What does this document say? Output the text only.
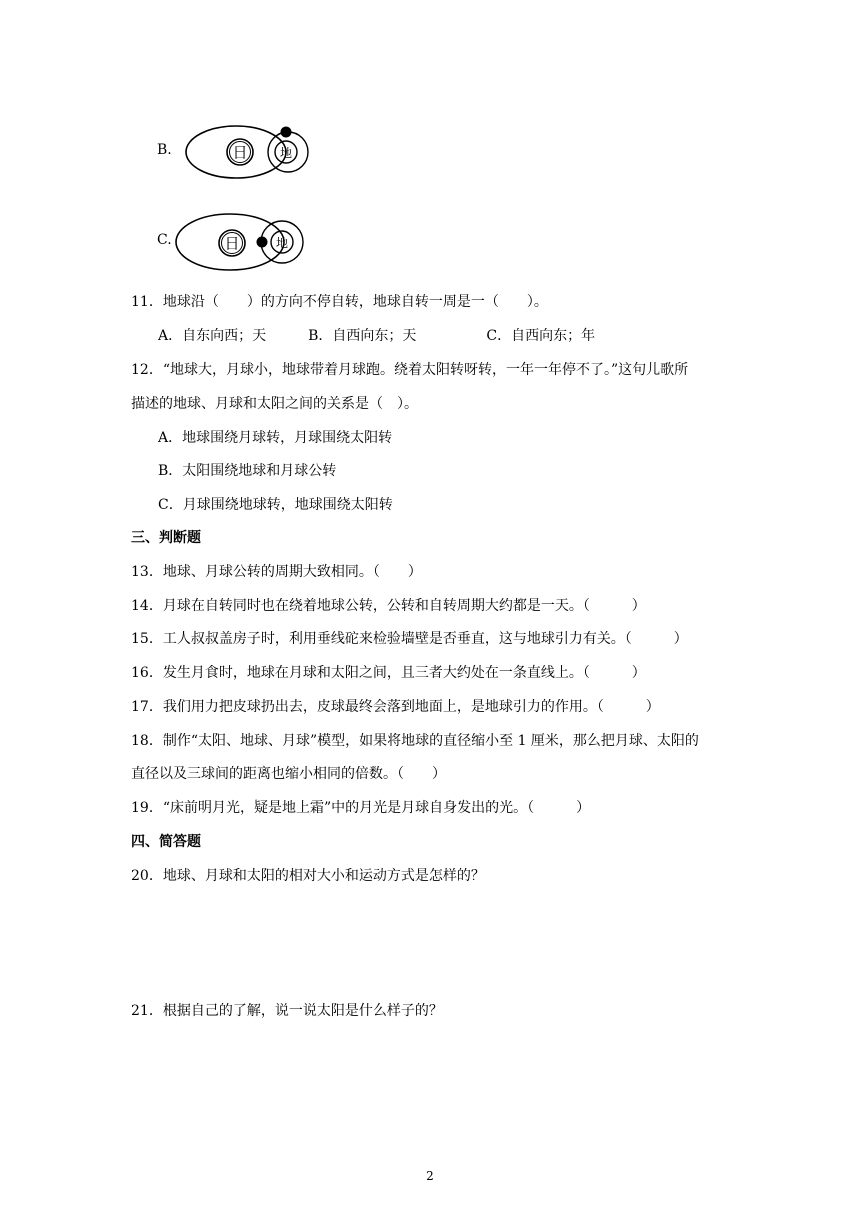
B.	日	地
C.	日	地
11．地球沿（　　）的方向不停自转，地球自转一周是一（　　）。
A．自东向西；天　　　B．自西向东；天　　　　　C．自西向东；年
12．“地球大，月球小，地球带着月球跑。绕着太阳转呀转，一年一年停不了。”这句儿歌所
描述的地球、月球和太阳之间的关系是（　）。
A．地球围绕月球转，月球围绕太阳转
B．太阳围绕地球和月球公转
C．月球围绕地球转，地球围绕太阳转
三、判断题
13．地球、月球公转的周期大致相同。（　　）
14．月球在自转同时也在绕着地球公转，公转和自转周期大约都是一天。（　　　）
15．工人叔叔盖房子时，利用垂线砣来检验墙壁是否垂直，这与地球引力有关。（　　　）
16．发生月食时，地球在月球和太阳之间，且三者大约处在一条直线上。（　　　）
17．我们用力把皮球扔出去，皮球最终会落到地面上，是地球引力的作用。（　　　）
18．制作“太阳、地球、月球”模型，如果将地球的直径缩小至 1 厘米，那么把月球、太阳的
直径以及三球间的距离也缩小相同的倍数。（　　）
19．“床前明月光，疑是地上霜”中的月光是月球自身发出的光。（　　　）
四、简答题
20．地球、月球和太阳的相对大小和运动方式是怎样的？
21．根据自己的了解，说一说太阳是什么样子的？
2
